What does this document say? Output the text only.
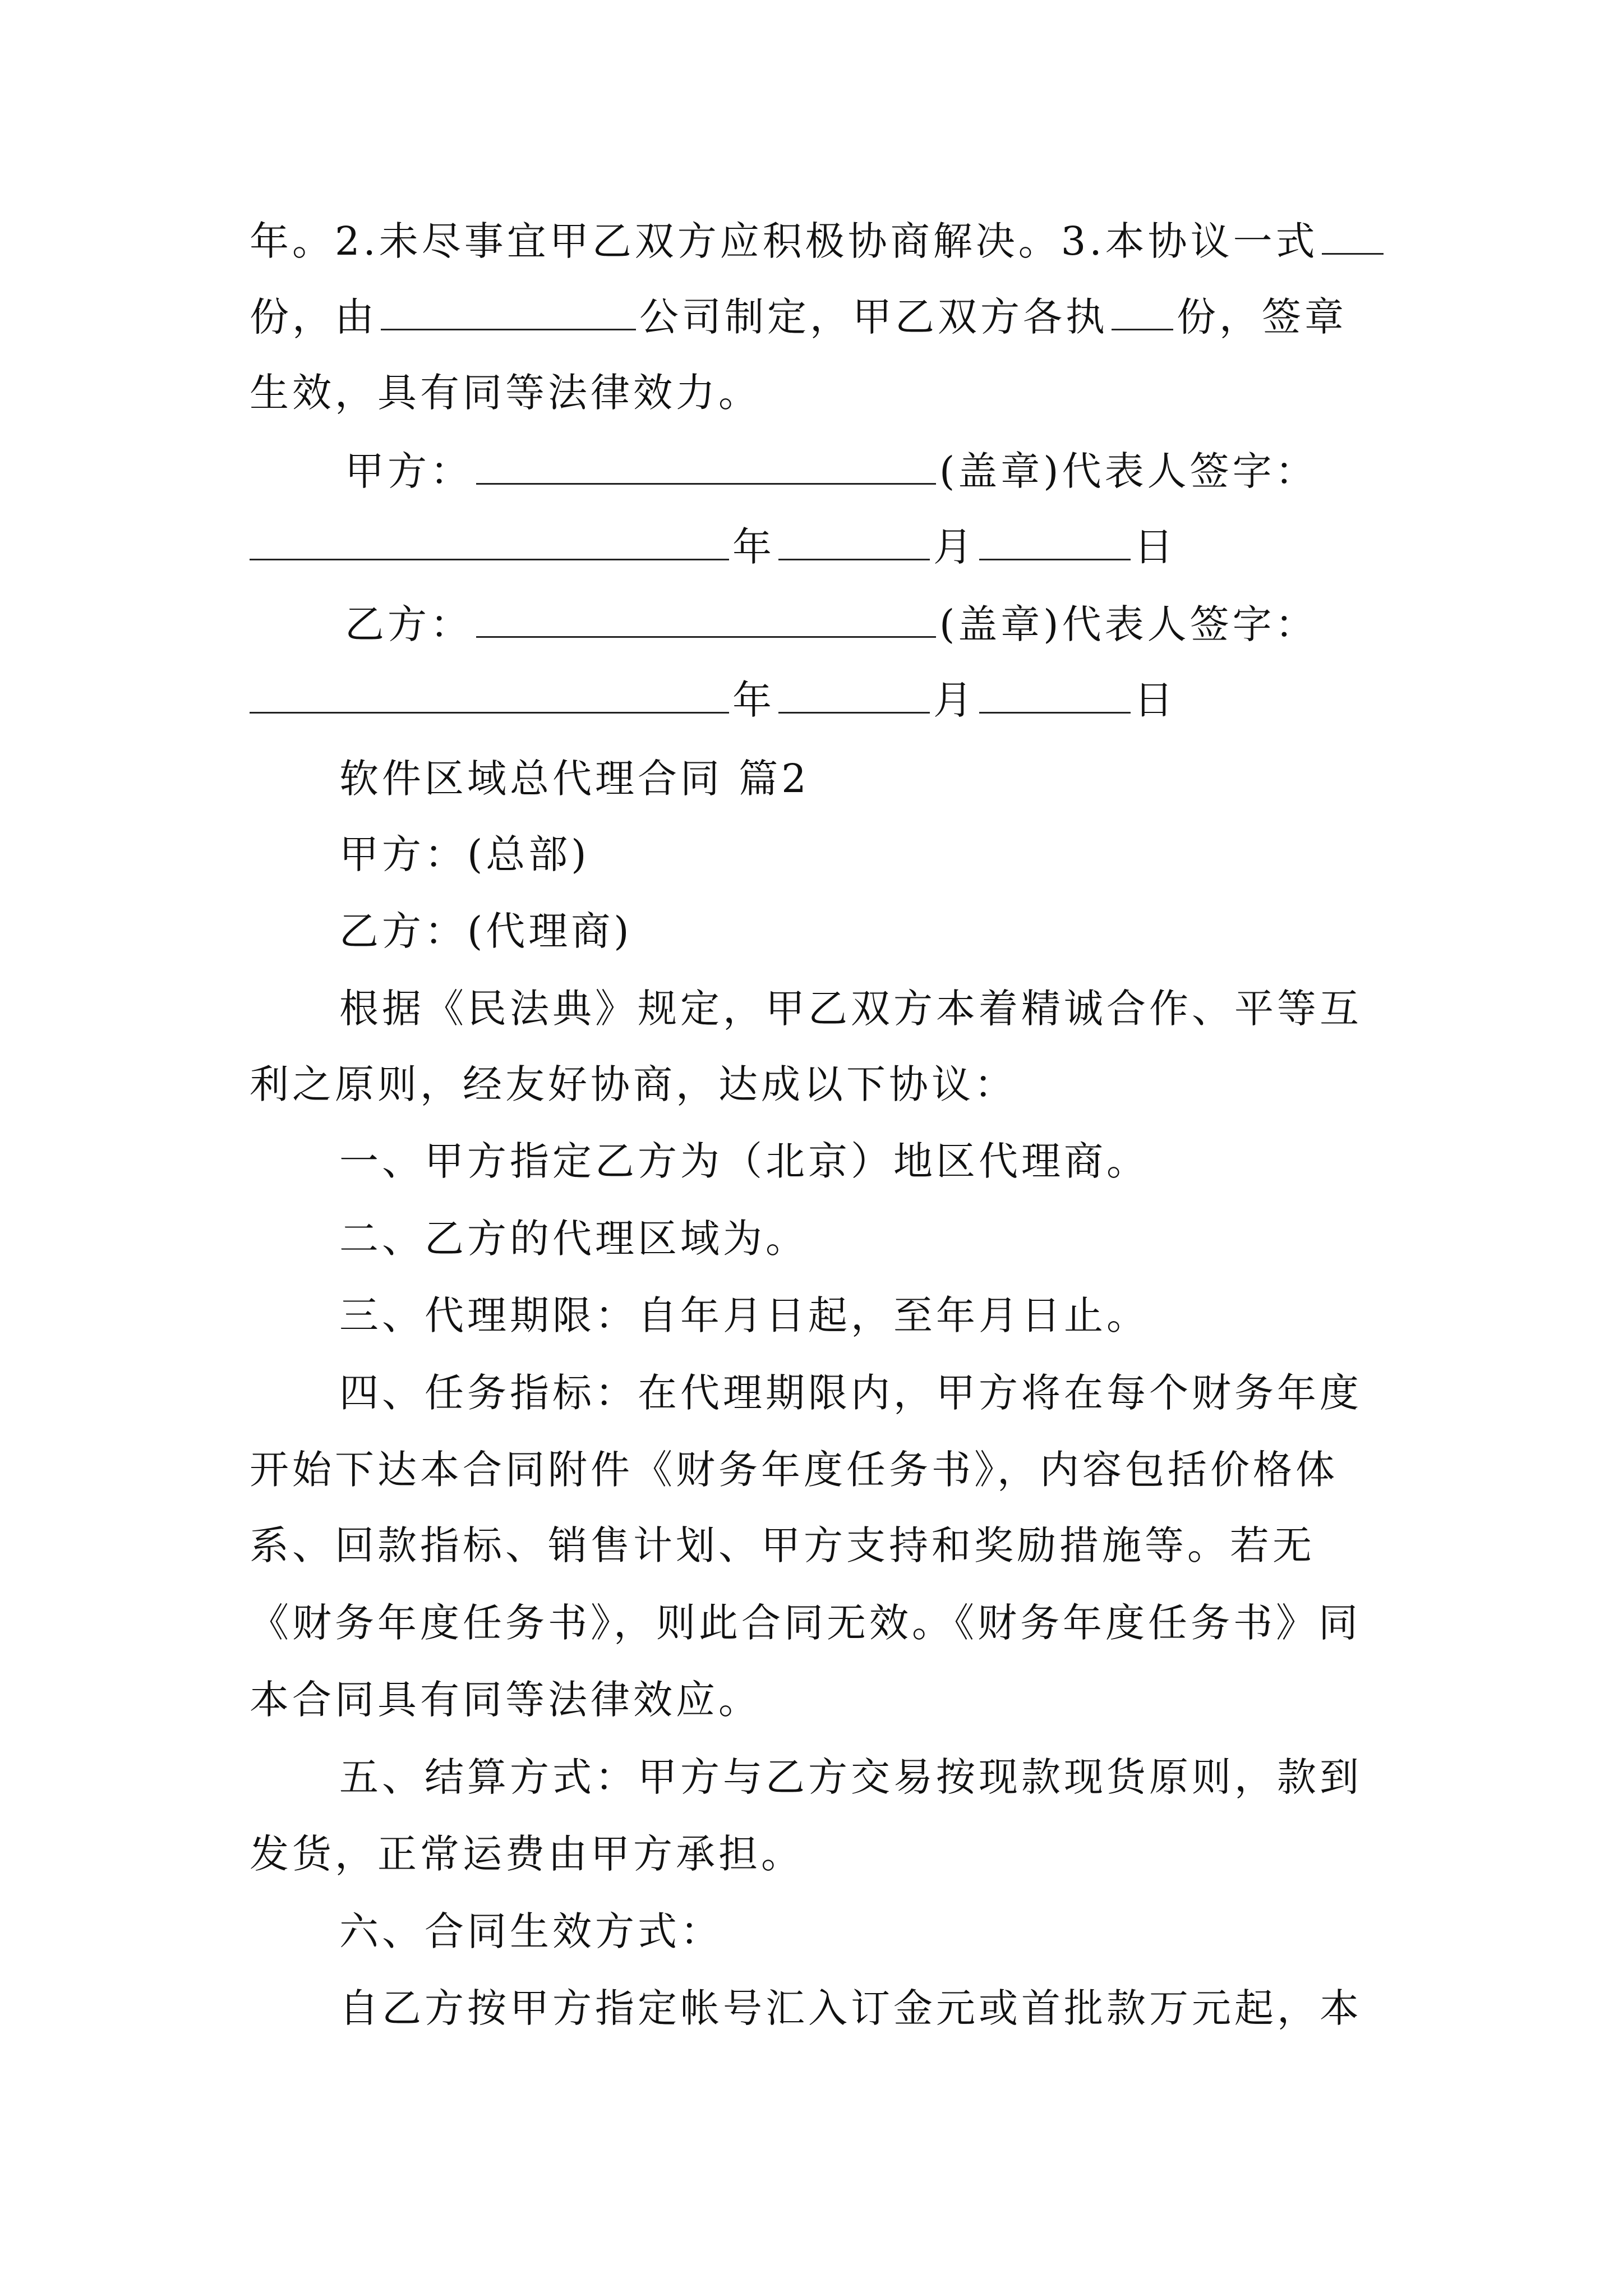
年。2.未尽事宜甲乙双方应积极协商解决。3.本协议一式
份，由	公司制定，甲乙双方各执 份，签章
生效，具有同等法律效力。
甲方：	(盖章)代表人签字：
年	月	日
乙方：	(盖章)代表人签字：
年	月	日
软件区域总代理合同 篇2
甲方：(总部)
乙方：(代理商)
根据《民法典》规定，甲乙双方本着精诚合作、平等互
利之原则，经友好协商，达成以下协议：
一、甲方指定乙方为（北京）地区代理商。
二、乙方的代理区域为。
三、代理期限：自年月日起，至年月日止。
四、任务指标：在代理期限内，甲方将在每个财务年度
开始下达本合同附件《财务年度任务书》，内容包括价格体
系、回款指标、销售计划、甲方支持和奖励措施等。若无
《财务年度任务书》，则此合同无效。《财务年度任务书》同
本合同具有同等法律效应。
五、结算方式：甲方与乙方交易按现款现货原则，款到
发货，正常运费由甲方承担。
六、合同生效方式：
自乙方按甲方指定帐号汇入订金元或首批款万元起，本
